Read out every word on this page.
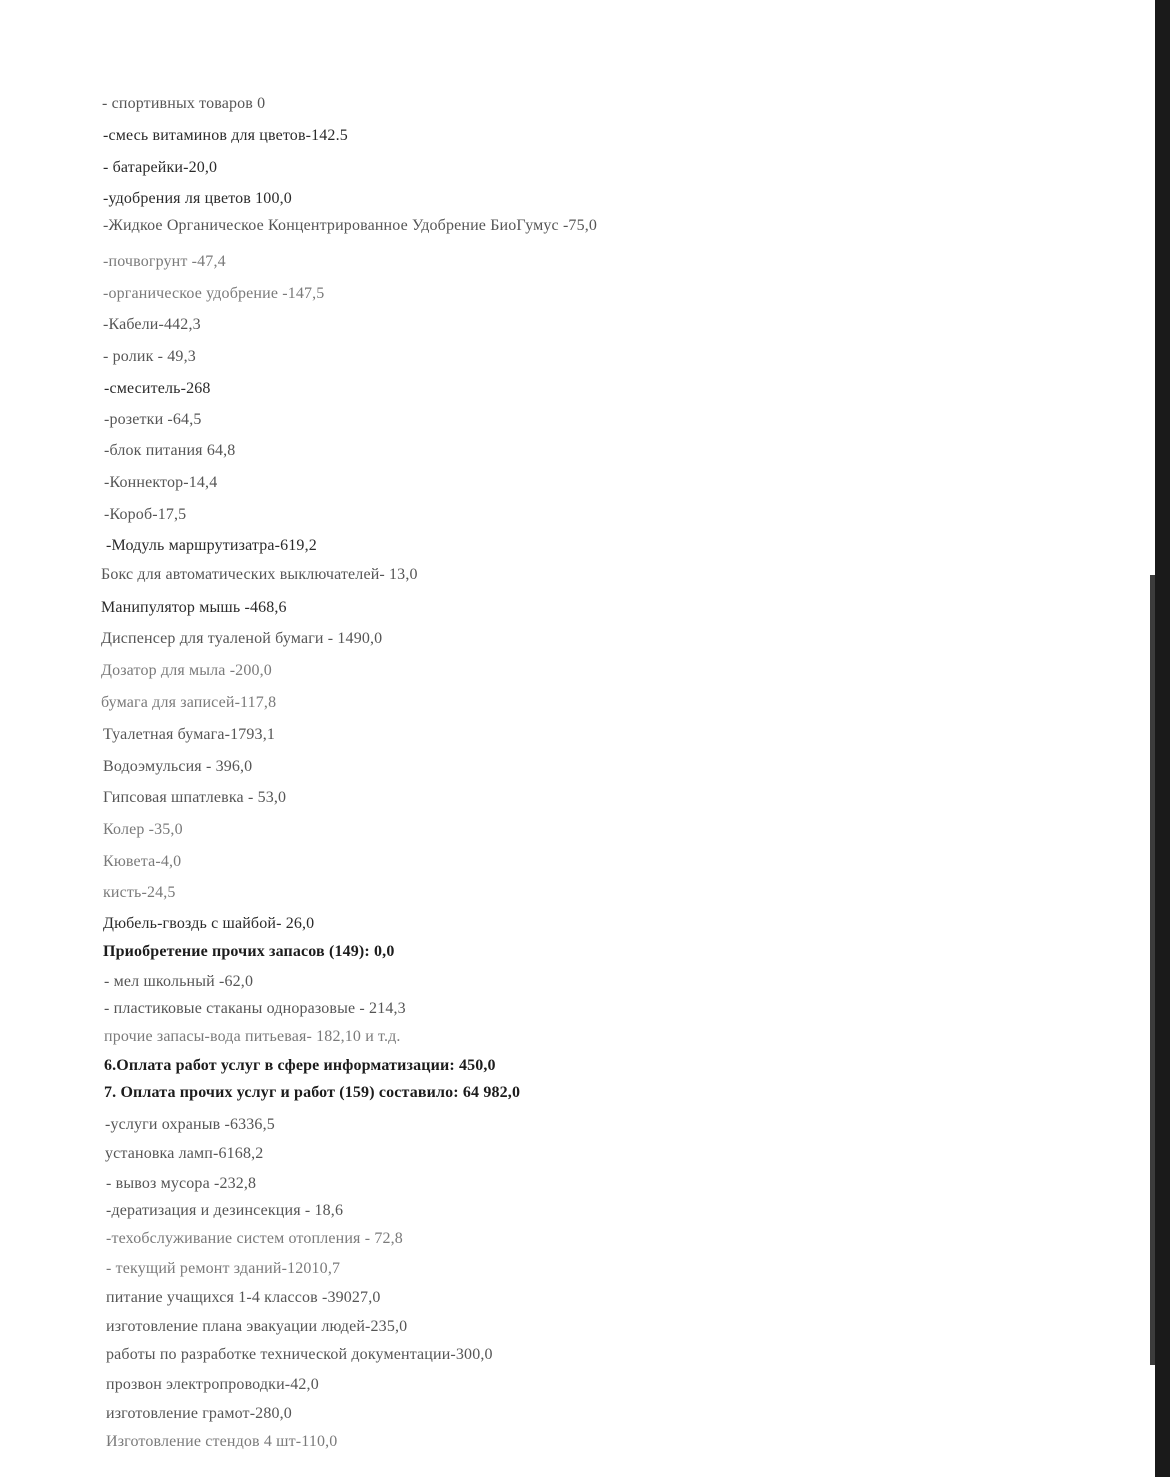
- спортивных товаров 0
-смесь витаминов для цветов-142.5
- батарейки-20,0
-удобрения ля цветов 100,0
-Жидкое Органическое Концентрированное Удобрение БиоГумус -75,0
-почвогрунт -47,4
-органическое удобрение -147,5
-Кабели-442,3
- ролик - 49,3
-смеситель-268
-розетки -64,5
-блок питания 64,8
-Коннектор-14,4
-Короб-17,5
-Модуль маршрутизатра-619,2
Бокс для автоматических выключателей- 13,0
Манипулятор мышь -468,6
Диспенсер для туаленой бумаги - 1490,0
Дозатор для мыла -200,0
бумага для записей-117,8
Туалетная бумага-1793,1
Водоэмульсия - 396,0
Гипсовая шпатлевка - 53,0
Колер -35,0
Кювета-4,0
кисть-24,5
Дюбель-гвоздь с шайбой- 26,0
Приобретение прочих запасов (149): 0,0
- мел школьный -62,0
- пластиковые стаканы одноразовые - 214,3
прочие запасы-вода питьевая- 182,10 и т.д.
6.Оплата работ услуг в сфере информатизации: 450,0
7. Оплата прочих услуг и работ (159) составило: 64 982,0
-услуги охраныв -6336,5
установка ламп-6168,2
- вывоз мусора -232,8
-дератизация и дезинсекция - 18,6
-техобслуживание систем отопления - 72,8
- текущий ремонт зданий-12010,7
питание учащихся 1-4 классов -39027,0
изготовление плана эвакуации людей-235,0
работы по разработке технической документации-300,0
прозвон электропроводки-42,0
изготовление грамот-280,0
Изготовление стендов 4 шт-110,0
